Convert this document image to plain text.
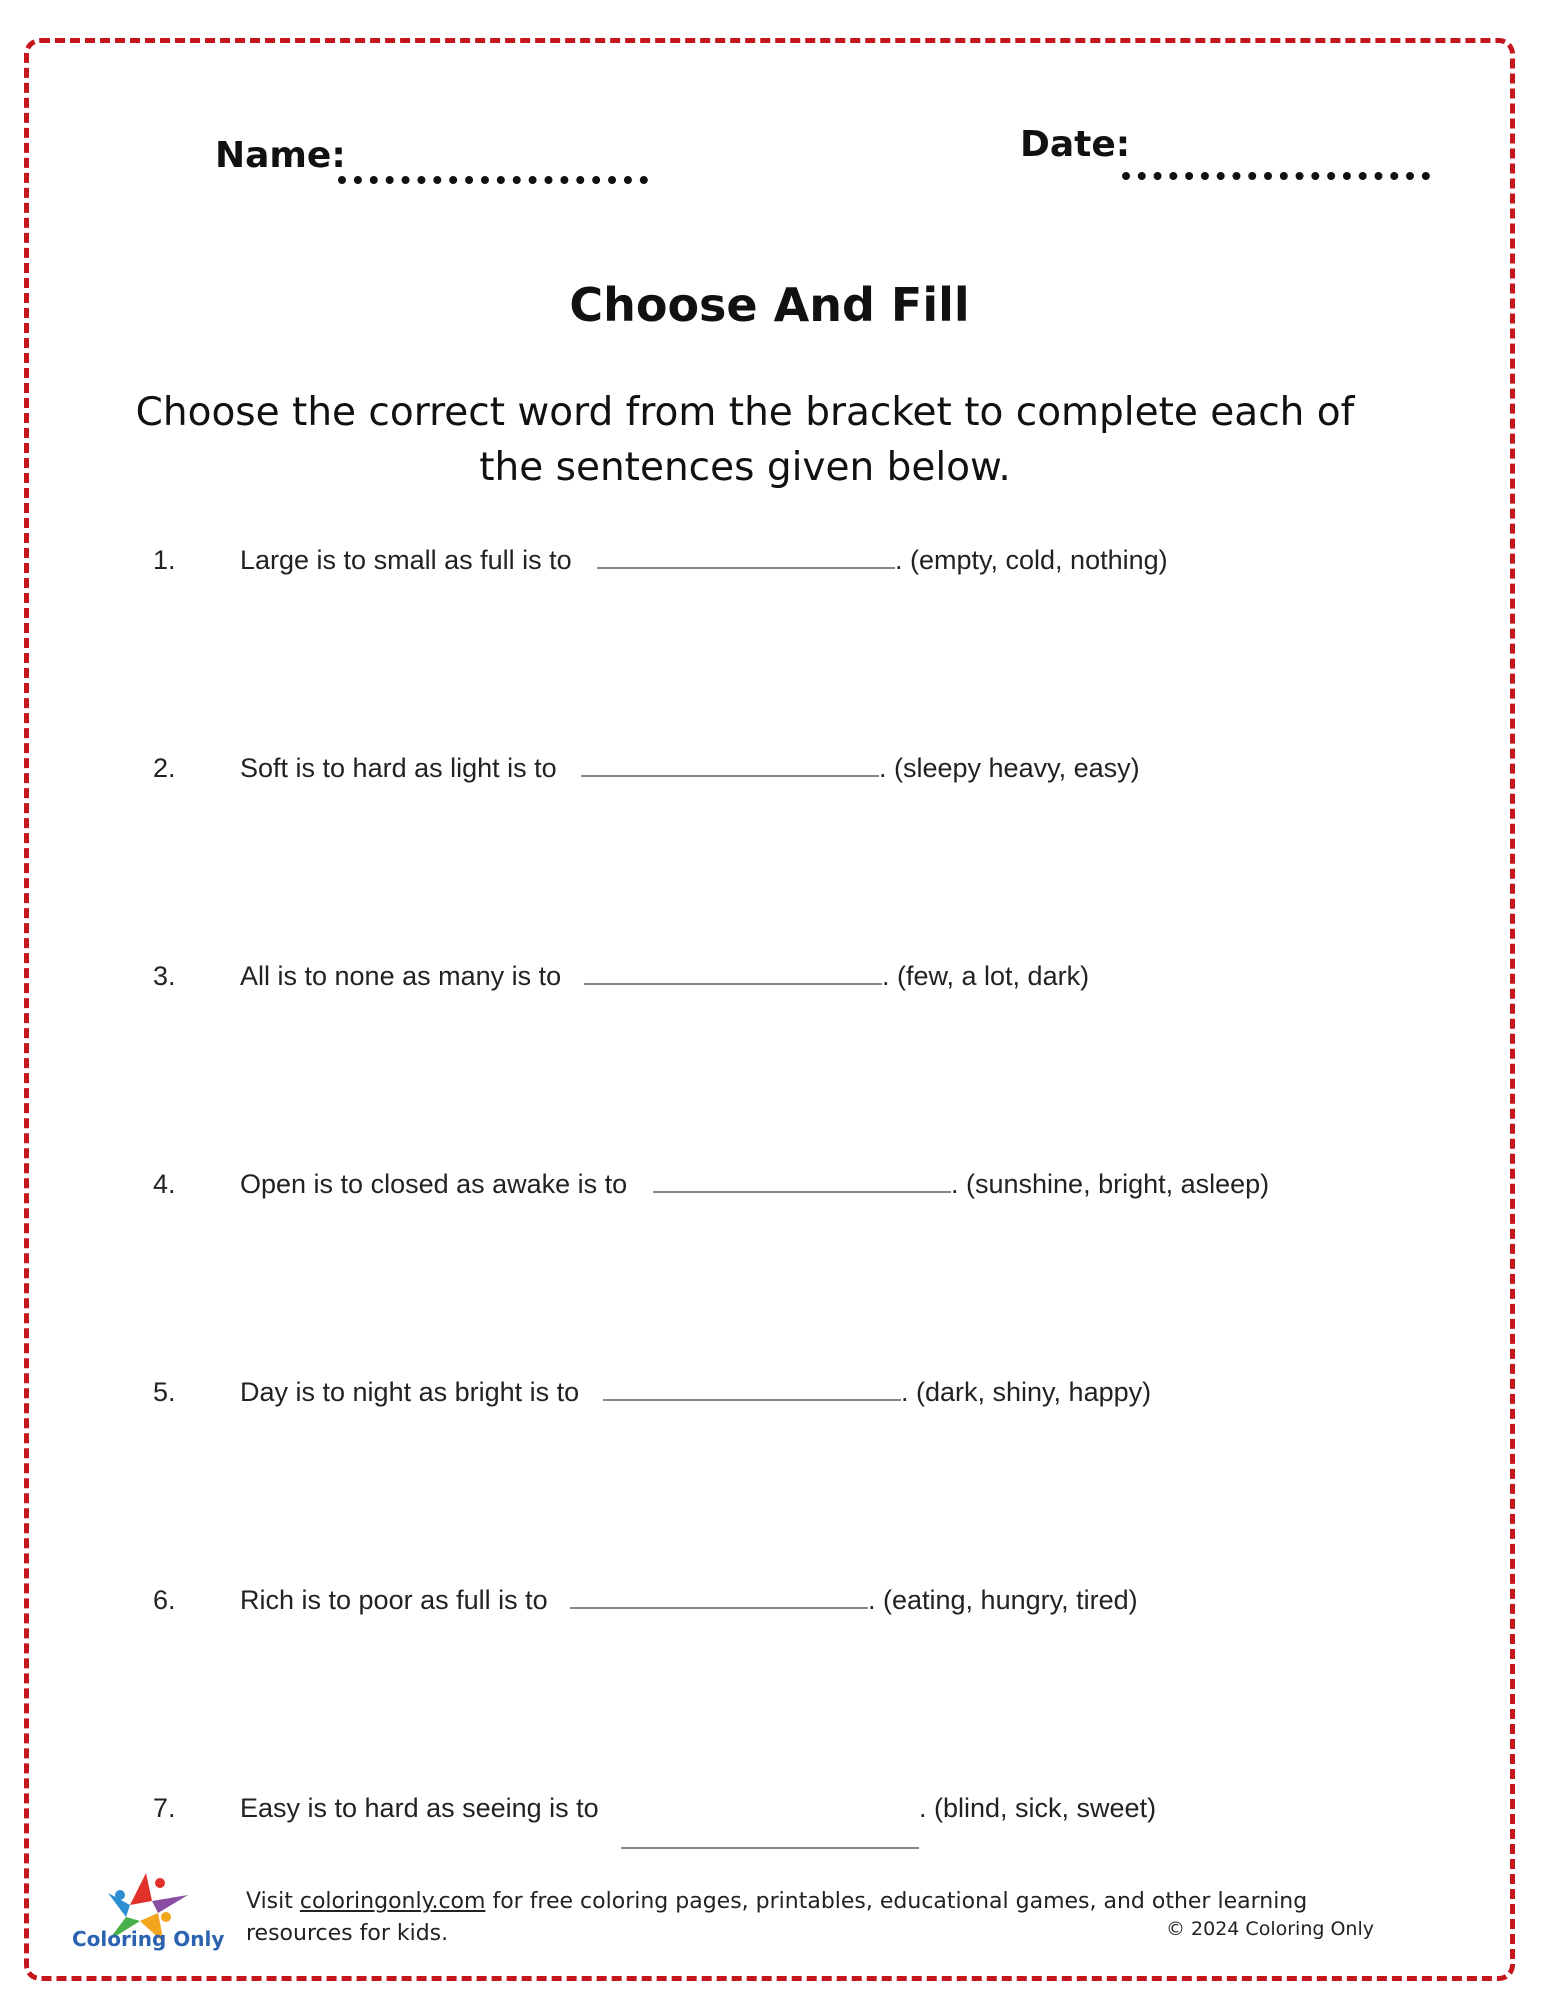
Name:	Date:
Choose And Fill
Choose the correct word from the bracket to complete each of the sentences given below.
1. Large is to small as full is to	. (empty, cold, nothing)
2. Soft is to hard as light is to	. (sleepy heavy, easy)
3. All is to none as many is to	. (few, a lot, dark)
4. Open is to closed as awake is to	. (sunshine, bright, asleep)
5. Day is to night as bright is to	. (dark, shiny, happy)
6. Rich is to poor as full is to	. (eating, hungry, tired)
7. Easy is to hard as seeing is to	. (blind, sick, sweet)
Coloring Only
Visit coloringonly.com for free coloring pages, printables, educational games, and other learning resources for kids.	© 2024 Coloring Only
